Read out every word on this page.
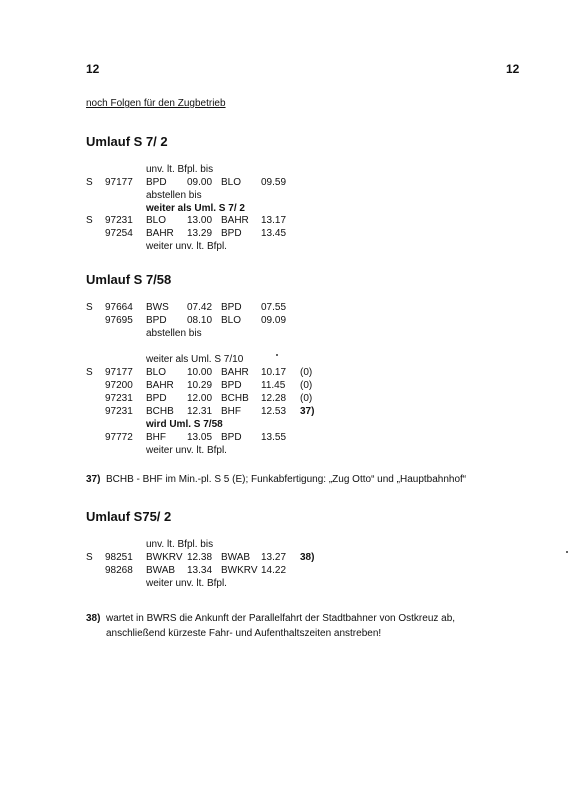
12	12
noch Folgen für den Zugbetrieb
Umlauf S 7/ 2
Umlauf S 7/58
Umlauf S75/ 2
unv. lt. Bfpl. bis
S 97177 BPD 09.00 BLO 09.59
abstellen bis
weiter als Uml. S 7/ 2
S 97231 BLO 13.00 BAHR 13.17
97254 BAHR 13.29 BPD 13.45
weiter unv. lt. Bfpl.
S 97664 BWS 07.42 BPD 07.55
97695 BPD 08.10 BLO 09.09
abstellen bis
weiter als Uml. S 7/10
S 97177 BLO 10.00 BAHR 10.17 (0)
97200 BAHR 10.29 BPD 11.45 (0)
97231 BPD 12.00 BCHB 12.28 (0)
97231 BCHB 12.31 BHF 12.53 37)
wird Uml. S 7/58
97772 BHF 13.05 BPD 13.55
weiter unv. lt. Bfpl.
unv. lt. Bfpl. bis
S 98251 BWKRV 12.38 BWAB 13.27 38)
98268 BWAB 13.34 BWKRV 14.22
weiter unv. lt. Bfpl.
37) BCHB - BHF im Min.-pl. S 5 (E); Funkabfertigung: „Zug Otto“ und „Hauptbahnhof“
38) wartet in BWRS die Ankunft der Parallelfahrt der Stadtbahner von Ostkreuz ab,
anschließend kürzeste Fahr- und Aufenthaltszeiten anstreben!
